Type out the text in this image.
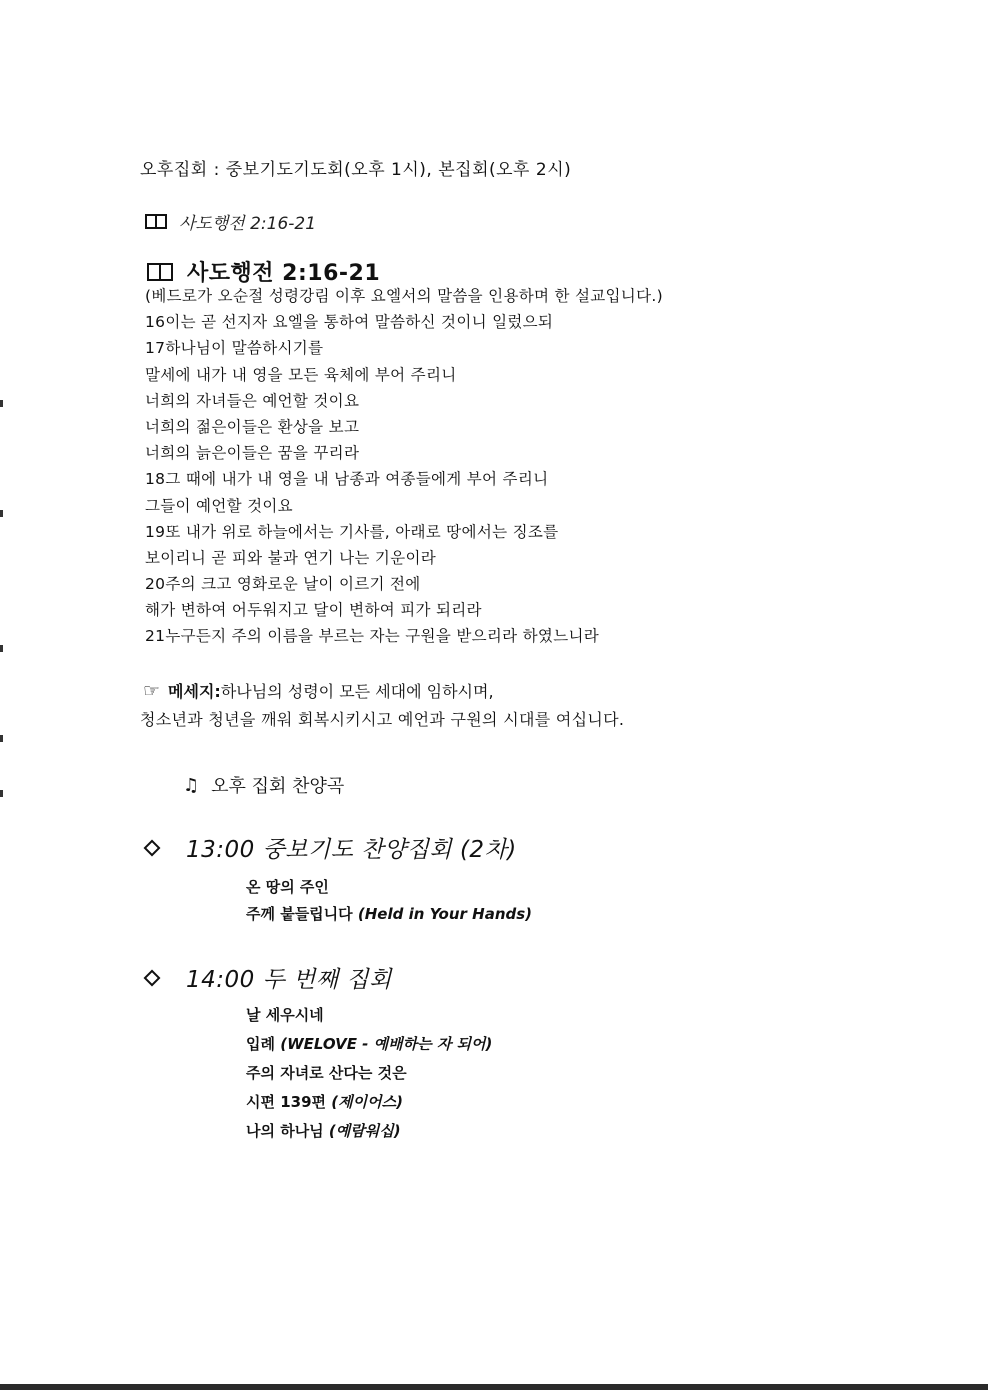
오후집회 : 중보기도기도회(오후 1시), 본집회(오후 2시)
사도행전 2:16-21
사도행전 2:16-21
(베드로가 오순절 성령강림 이후 요엘서의 말씀을 인용하며 한 설교입니다.)
16이는 곧 선지자 요엘을 통하여 말씀하신 것이니 일렀으되
17하나님이 말씀하시기를
말세에 내가 내 영을 모든 육체에 부어 주리니
너희의 자녀들은 예언할 것이요
너희의 젊은이들은 환상을 보고
너희의 늙은이들은 꿈을 꾸리라
18그 때에 내가 내 영을 내 남종과 여종들에게 부어 주리니
그들이 예언할 것이요
19또 내가 위로 하늘에서는 기사를, 아래로 땅에서는 징조를
보이리니 곧 피와 불과 연기 나는 기운이라
20주의 크고 영화로운 날이 이르기 전에
해가 변하여 어두워지고 달이 변하여 피가 되리라
21누구든지 주의 이름을 부르는 자는 구원을 받으리라 하였느니라
☞ 메세지: 하나님의 성령이 모든 세대에 임하시며,
청소년과 청년을 깨워 회복시키시고 예언과 구원의 시대를 여십니다.
♫ 오후 집회 찬양곡
13:00 중보기도 찬양집회 (2차)
온 땅의 주인
주께 붙들립니다 (Held in Your Hands)
14:00 두 번째 집회
날 세우시네
입례 (WELOVE - 예배하는 자 되어)
주의 자녀로 산다는 것은
시편 139편 (제이어스)
나의 하나님 (예람워십)
